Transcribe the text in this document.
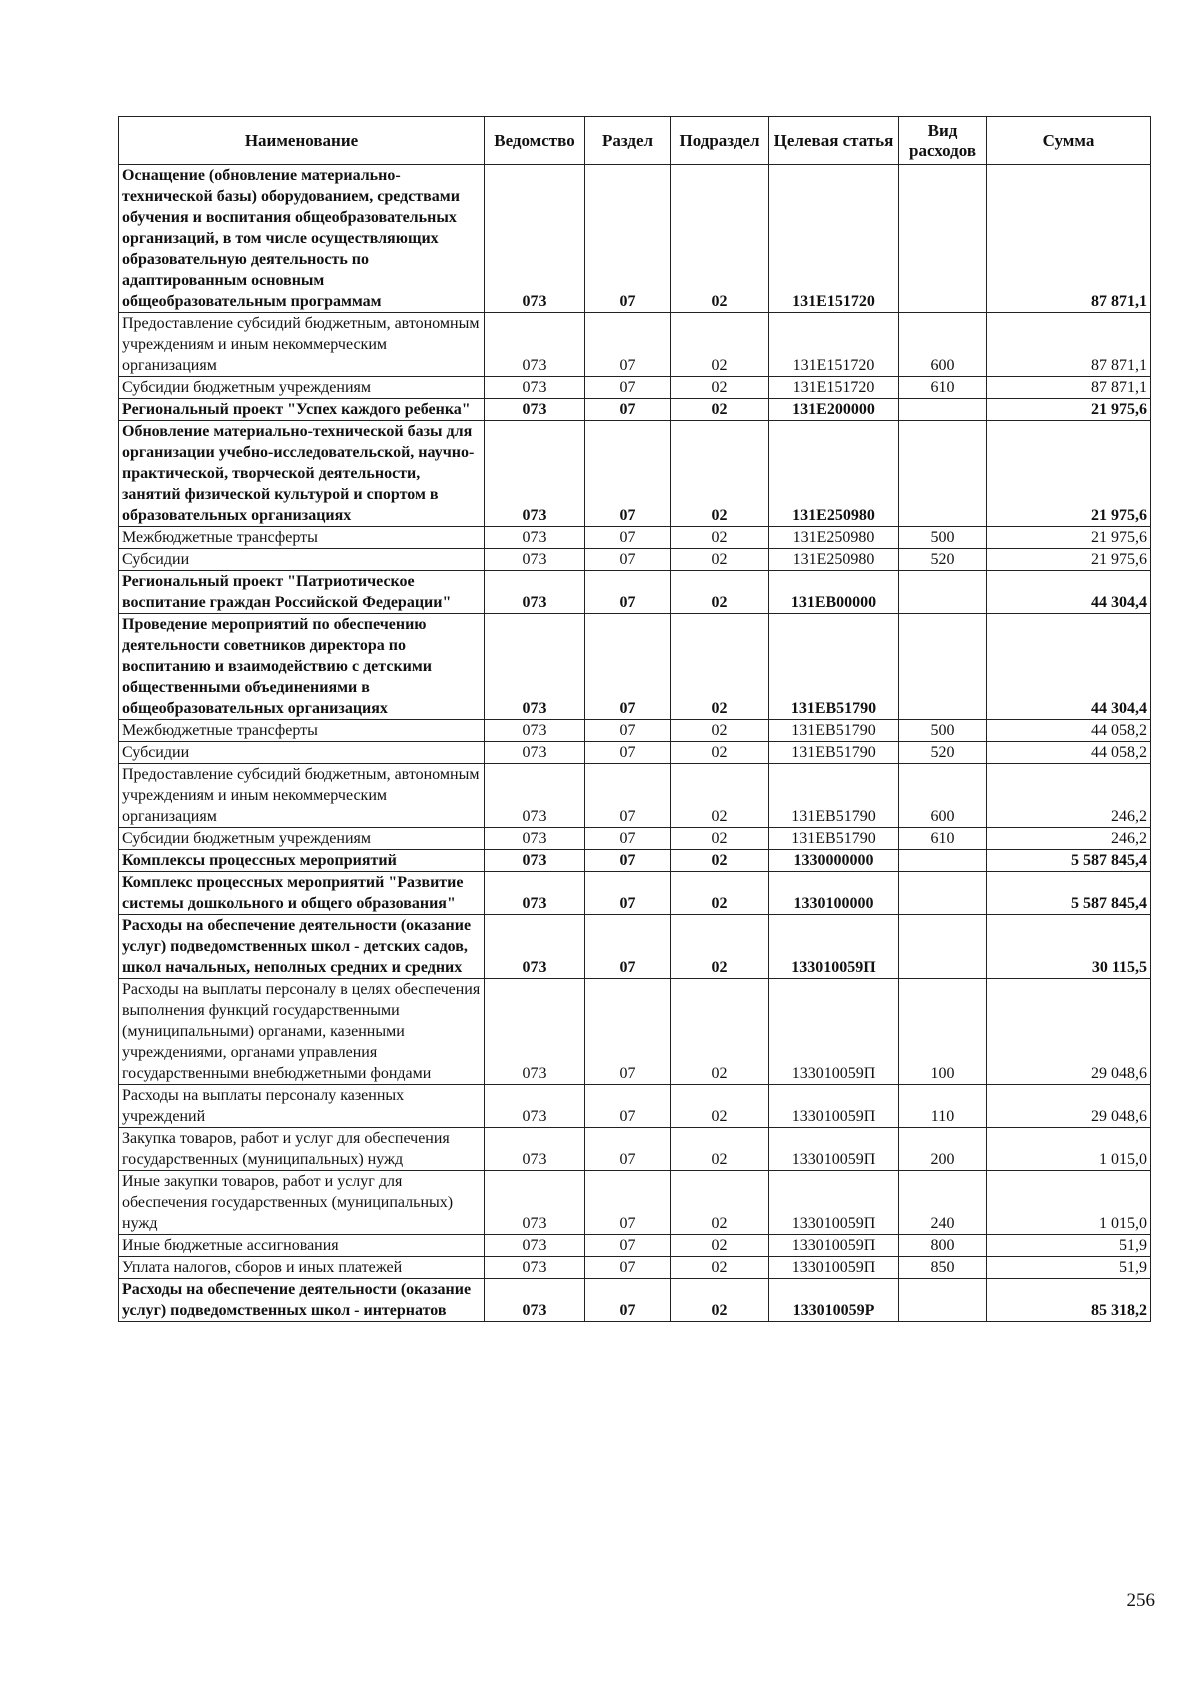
Наименование	Ведомство	Раздел	Подраздел	Целевая статья	Вид расходов	Сумма
Оснащение (обновление материально-технической базы) оборудованием, средствами обучения и воспитания общеобразовательных организаций, в том числе осуществляющих образовательную деятельность по адаптированным основным общеобразовательным программам	073	07	02	131E151720		87 871,1
Предоставление субсидий бюджетным, автономным учреждениям и иным некоммерческим организациям	073	07	02	131E151720	600	87 871,1
Субсидии бюджетным учреждениям	073	07	02	131E151720	610	87 871,1
Региональный проект "Успех каждого ребенка"	073	07	02	131E200000		21 975,6
Обновление материально-технической базы для организации учебно-исследовательской, научно-практической, творческой деятельности, занятий физической культурой и спортом в образовательных организациях	073	07	02	131E250980		21 975,6
Межбюджетные трансферты	073	07	02	131E250980	500	21 975,6
Субсидии	073	07	02	131E250980	520	21 975,6
Региональный проект "Патриотическое воспитание граждан Российской Федерации"	073	07	02	131EB00000		44 304,4
Проведение мероприятий по обеспечению деятельности советников директора по воспитанию и взаимодействию с детскими общественными объединениями в общеобразовательных организациях	073	07	02	131EB51790		44 304,4
Межбюджетные трансферты	073	07	02	131EB51790	500	44 058,2
Субсидии	073	07	02	131EB51790	520	44 058,2
Предоставление субсидий бюджетным, автономным учреждениям и иным некоммерческим организациям	073	07	02	131EB51790	600	246,2
Субсидии бюджетным учреждениям	073	07	02	131EB51790	610	246,2
Комплексы процессных мероприятий	073	07	02	1330000000		5 587 845,4
Комплекс процессных мероприятий "Развитие системы дошкольного и общего образования"	073	07	02	1330100000		5 587 845,4
Расходы на обеспечение деятельности (оказание услуг) подведомственных школ - детских садов, школ начальных, неполных средних и средних	073	07	02	133010059П		30 115,5
Расходы на выплаты персоналу в целях обеспечения выполнения функций государственными (муниципальными) органами, казенными учреждениями, органами управления государственными внебюджетными фондами	073	07	02	133010059П	100	29 048,6
Расходы на выплаты персоналу казенных учреждений	073	07	02	133010059П	110	29 048,6
Закупка товаров, работ и услуг для обеспечения государственных (муниципальных) нужд	073	07	02	133010059П	200	1 015,0
Иные закупки товаров, работ и услуг для обеспечения государственных (муниципальных) нужд	073	07	02	133010059П	240	1 015,0
Иные бюджетные ассигнования	073	07	02	133010059П	800	51,9
Уплата налогов, сборов и иных платежей	073	07	02	133010059П	850	51,9
Расходы на обеспечение деятельности (оказание услуг) подведомственных школ - интернатов	073	07	02	133010059Р		85 318,2
256
